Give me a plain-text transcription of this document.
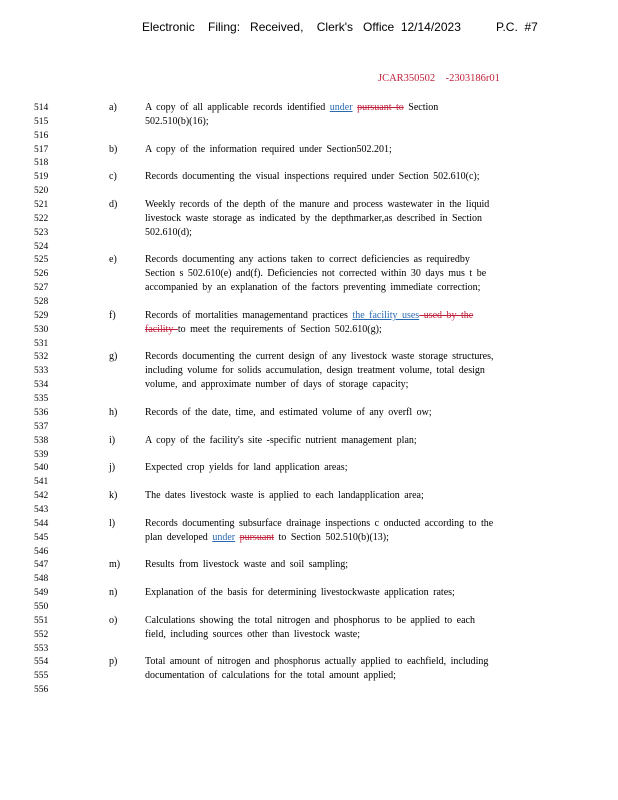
Electronic    Filing:   Received,    Clerk's   Office  12/14/2023

	P.C.  #7

JCAR350502    -2303186r01
514	a)	A copy of all applicable records identified under pursuant to Section
515	502.510(b)(16);
516
517	b)	A copy of the information required under Section502.201;
518
519	c)	Records documenting the visual inspections required under Section 502.610(c);
520
521	d)	Weekly records of the depth of the manure and process wastewater in the liquid
522	livestock waste storage as indicated by the depthmarker,as described in Section
523	502.610(d);
524
525	e)	Records documenting any actions taken to correct deficiencies as requiredby
526	Section s 502.610(e) and(f). Deficiencies not corrected within 30 days mus t be
527	accompanied by an explanation of the factors preventing immediate correction;
528
529	f)	Records of mortalities managementand practices the facility uses used by the
530	facility to meet the requirements of Section 502.610(g);
531
532	g)	Records documenting the current design of any livestock waste storage structures,
533	including volume for solids accumulation, design treatment volume, total design
534	volume, and approximate number of days of storage capacity;
535
536	h)	Records of the date, time, and estimated volume of any overfl ow;
537
538	i)	A copy of the facility's site -specific nutrient management plan;
539
540	j)	Expected crop yields for land application areas;
541
542	k)	The dates livestock waste is applied to each landapplication area;
543
544	l)	Records documenting subsurface drainage inspections c onducted according to the
545	plan developed under pursuant to Section 502.510(b)(13);
546
547	m) Results from livestock waste and soil sampling;
548
549	n)	Explanation of the basis for determining livestockwaste application rates;
550
551	o)	Calculations showing the total nitrogen and phosphorus to be applied to each
552	field, including sources other than livestock waste;
553
554	p)	Total amount of nitrogen and phosphorus actually applied to eachfield, including
555	documentation of calculations for the total amount applied;
556
